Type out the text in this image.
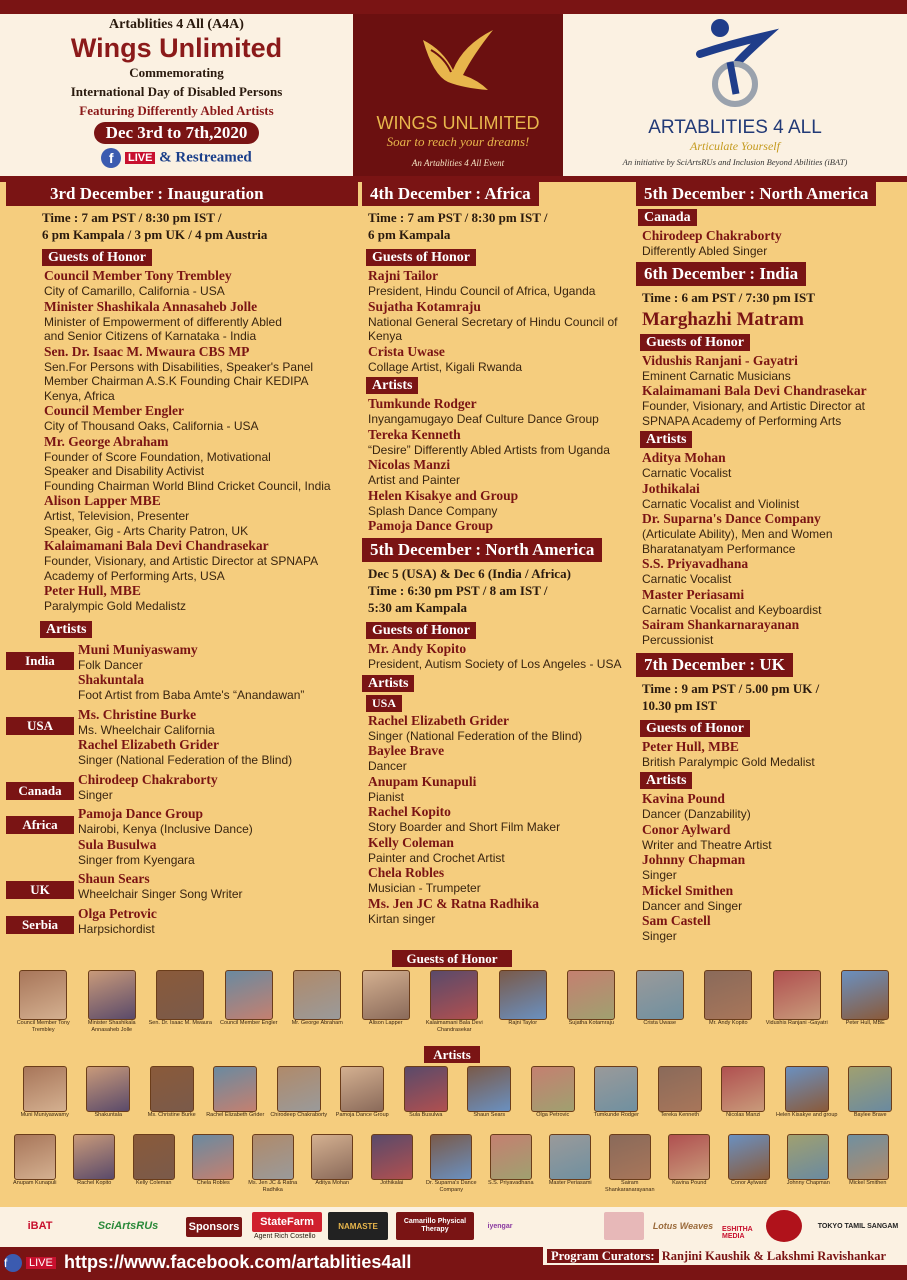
Artablities 4 All (A4A)
Wings Unlimited
Commemorating
International Day of Disabled Persons
Featuring Differently Abled Artists
Dec 3rd to 7th,2020
f LIVE & Restreamed
WINGS UNLIMITED
Soar to reach your dreams!
An Artablities 4 All Event
ARTABLITIES 4 ALL
Articulate Yourself
An initiative by SciArtsRUs and Inclusion Beyond Abilities (iBAT)
3rd December : Inauguration
Time : 7 am PST / 8:30 pm IST /
6 pm Kampala / 3 pm UK / 4 pm Austria
Guests of Honor
Council Member Tony Trembley
City of Camarillo, California - USA
Minister Shashikala Annasaheb Jolle
Minister of Empowerment of differently Abled
and Senior Citizens of Karnataka - India
Sen. Dr. Isaac M. Mwaura CBS MP
Sen.For Persons with Disabilities, Speaker's Panel
Member Chairman A.S.K Founding Chair KEDIPA
Kenya, Africa
Council Member Engler
City of Thousand Oaks, California - USA
Mr. George Abraham
Founder of Score Foundation, Motivational
Speaker and Disability Activist
Founding Chairman World Blind Cricket Council, India
Alison Lapper MBE
Artist, Television, Presenter
Speaker, Gig - Arts Charity Patron, UK
Kalaimamani Bala Devi Chandrasekar
Founder, Visionary, and Artistic Director at SPNAPA
Academy of Performing Arts, USA
Peter Hull, MBE
Paralympic Gold Medalistz
Artists
India
Muni Muniyaswamy
Folk Dancer
Shakuntala
Foot Artist from Baba Amte's “Anandawan”
USA
Ms. Christine Burke
Ms. Wheelchair California
Rachel Elizabeth Grider
Singer (National Federation of the Blind)
Canada
Chirodeep Chakraborty
Singer
Africa
Pamoja Dance Group
Nairobi, Kenya (Inclusive Dance)
Sula Busulwa
Singer from Kyengara
UK
Shaun Sears
Wheelchair Singer Song Writer
Serbia
Olga Petrovic
Harpsichordist
4th December : Africa
Time : 7 am PST / 8:30 pm IST /
6 pm Kampala
Guests of Honor
Rajni Tailor
President, Hindu Council of Africa, Uganda
Sujatha Kotamraju
National General Secretary of Hindu Council of
Kenya
Crista Uwase
Collage Artist, Kigali Rwanda
Artists
Tumkunde Rodger
Inyangamugayo Deaf Culture Dance Group
Tereka Kenneth
“Desire” Differently Abled Artists from Uganda
Nicolas Manzi
Artist and Painter
Helen Kisakye and Group
Splash Dance Company
Pamoja Dance Group
5th December : North America
Dec 5 (USA) & Dec 6 (India / Africa)
Time : 6:30 pm PST / 8 am IST /
5:30 am Kampala
Guests of Honor
Mr. Andy Kopito
President, Autism Society of Los Angeles - USA
Artists
USA
Rachel Elizabeth Grider
Singer (National Federation of the Blind)
Baylee Brave
Dancer
Anupam Kunapuli
Pianist
Rachel Kopito
Story Boarder and Short Film Maker
Kelly Coleman
Painter and Crochet Artist
Chela Robles
Musician - Trumpeter
Ms. Jen JC & Ratna Radhika
Kirtan singer
5th December : North America
Canada
Chirodeep Chakraborty
Differently Abled Singer
6th December : India
Time : 6 am PST / 7:30 pm IST
Marghazhi Matram
Guests of Honor
Vidushis Ranjani - Gayatri
Eminent Carnatic Musicians
Kalaimamani Bala Devi Chandrasekar
Founder, Visionary, and Artistic Director at
SPNAPA Academy of Performing Arts
Artists
Aditya Mohan
Carnatic Vocalist
Jothikalai
Carnatic Vocalist and Violinist
Dr. Suparna's Dance Company
(Articulate Ability), Men and Women
Bharatanatyam Performance
S.S. Priyavadhana
Carnatic Vocalist
Master Periasami
Carnatic Vocalist and Keyboardist
Sairam Shankarnarayanan
Percussionist
7th December : UK
Time : 9 am PST / 5.00 pm UK /
10.30 pm IST
Guests of Honor
Peter Hull, MBE
British Paralympic Gold Medalist
Artists
Kavina Pound
Dancer (Danzability)
Conor Aylward
Writer and Theatre Artist
Johnny Chapman
Singer
Mickel Smithen
Dancer and Singer
Sam Castell
Singer
Guests of Honor
Council Member Tony Trembley
Minister Shashikala Annasaheb Jolle
Sen. Dr. Isaac M. Mwaura	Council Member Engler	Mr. George Abraham	Alison Lapper	Kalaimamani Bala Devi Chandrasekar
Rajni Taylor	Sujatha Kotamraju	Crista Uwase	Mr. Andy Kopito	Vidushis Ranjani -Gayatri	Peter Hull, MBE
Artists
Muni Muniyaswamy	Shakuntala	Ms. Christine Burke	Rachel Elizabeth Grider	Chirodeep Chakraborty	Pamoja Dance Group	Sula Busulwa	Shaun Sears	Olga Petrovic	Tumkunde Rodger	Tereka Kenneth	Nicolas Manzi	Helen Kisakye and group	Baylee Brave
Anupam Kunapuli	Rachel Kopito	Kelly Coleman	Chela Robles	Ms. Jen JC & Ratna Radhika
Aditya Mohan	Jothikalai	Dr. Suparna's Dance Company
S.S. Priyavadhana	Master Periasami	Sairam Shankaranarayanan
Kavina Pound	Conor Aylward	Johnny Chapman	Mickel Smithen
iBAT	SciArtsRUs	Sponsors	StateFarm
Agent Rich Costello
NAMASTE	Camarillo Physical Therapy	iyengar	Lotus Weaves	ESHITHA MEDIA
TOKYO TAMIL SANGAM
f LIVE https://www.facebook.com/artablities4all	Program Curators: Ranjini Kaushik & Lakshmi Ravishankar
